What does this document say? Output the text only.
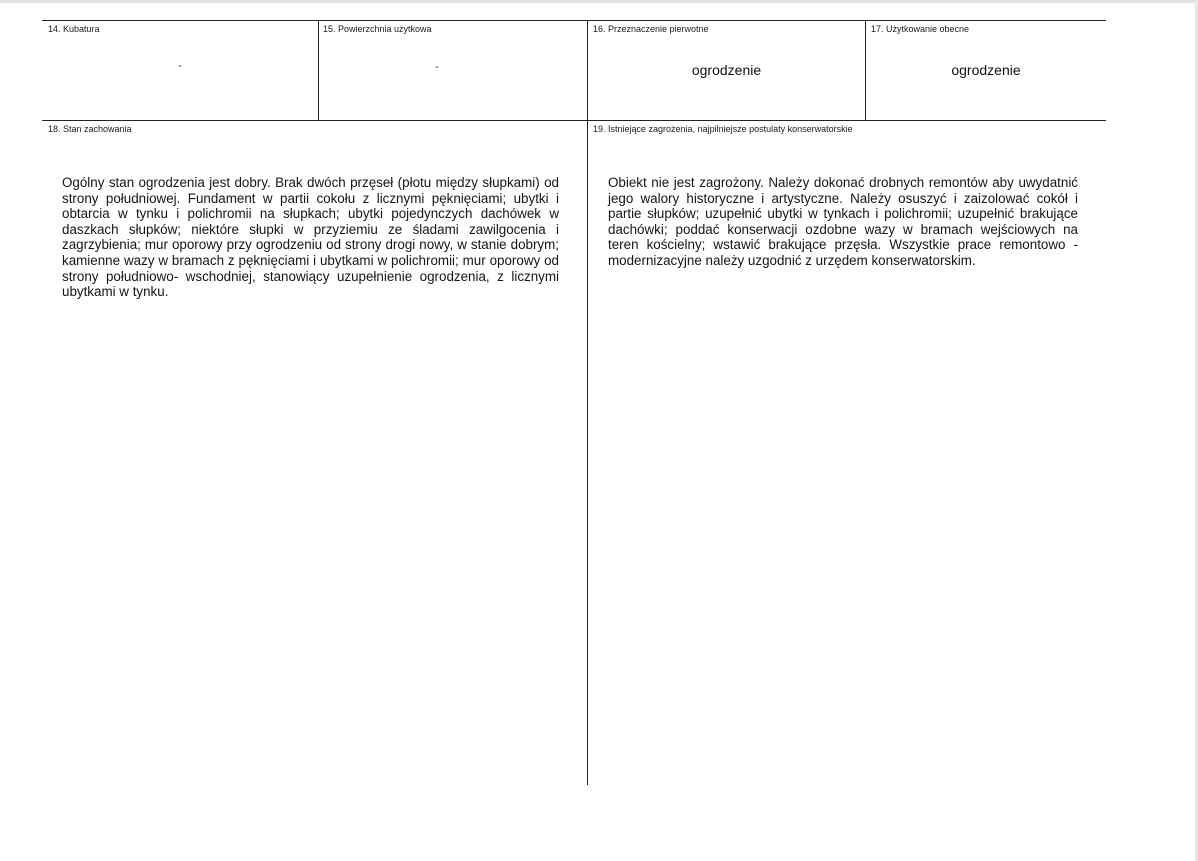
14. Kubatura
-
15. Powierzchnia użytkowa
-
16. Przeznaczenie pierwotne
ogrodzenie
17. Użytkowanie obecne
ogrodzenie
18. Stan zachowania

Ogólny stan ogrodzenia jest dobry. Brak dwóch przęseł (płotu między słupkami) od strony południowej. Fundament w partii cokołu z licznymi pęknięciami; ubytki i obtarcia w tynku i polichromii na słupkach; ubytki pojedynczych dachówek w daszkach słupków; niektóre słupki w przyziemiu ze śladami zawilgocenia i zagrzybienia; mur oporowy przy ogrodzeniu od strony drogi nowy, w stanie dobrym; kamienne wazy w bramach z pęknięciami i ubytkami w polichromii; mur oporowy od strony południowo- wschodniej, stanowiący uzupełnienie ogrodzenia, z licznymi ubytkami w tynku.

19. Istniejące zagrożenia, najpilniejsze postulaty konserwatorskie

Obiekt nie jest zagrożony. Należy dokonać drobnych remontów aby uwydatnić jego walory historyczne i artystyczne. Należy osuszyć i zaizolować cokół i partie słupków; uzupełnić ubytki w tynkach i polichromii; uzupełnić brakujące dachówki; poddać konserwacji ozdobne wazy w bramach wejściowych na teren kościelny; wstawić brakujące przęsła. Wszystkie prace remontowo - modernizacyjne należy uzgodnić z urzędem konserwatorskim.
